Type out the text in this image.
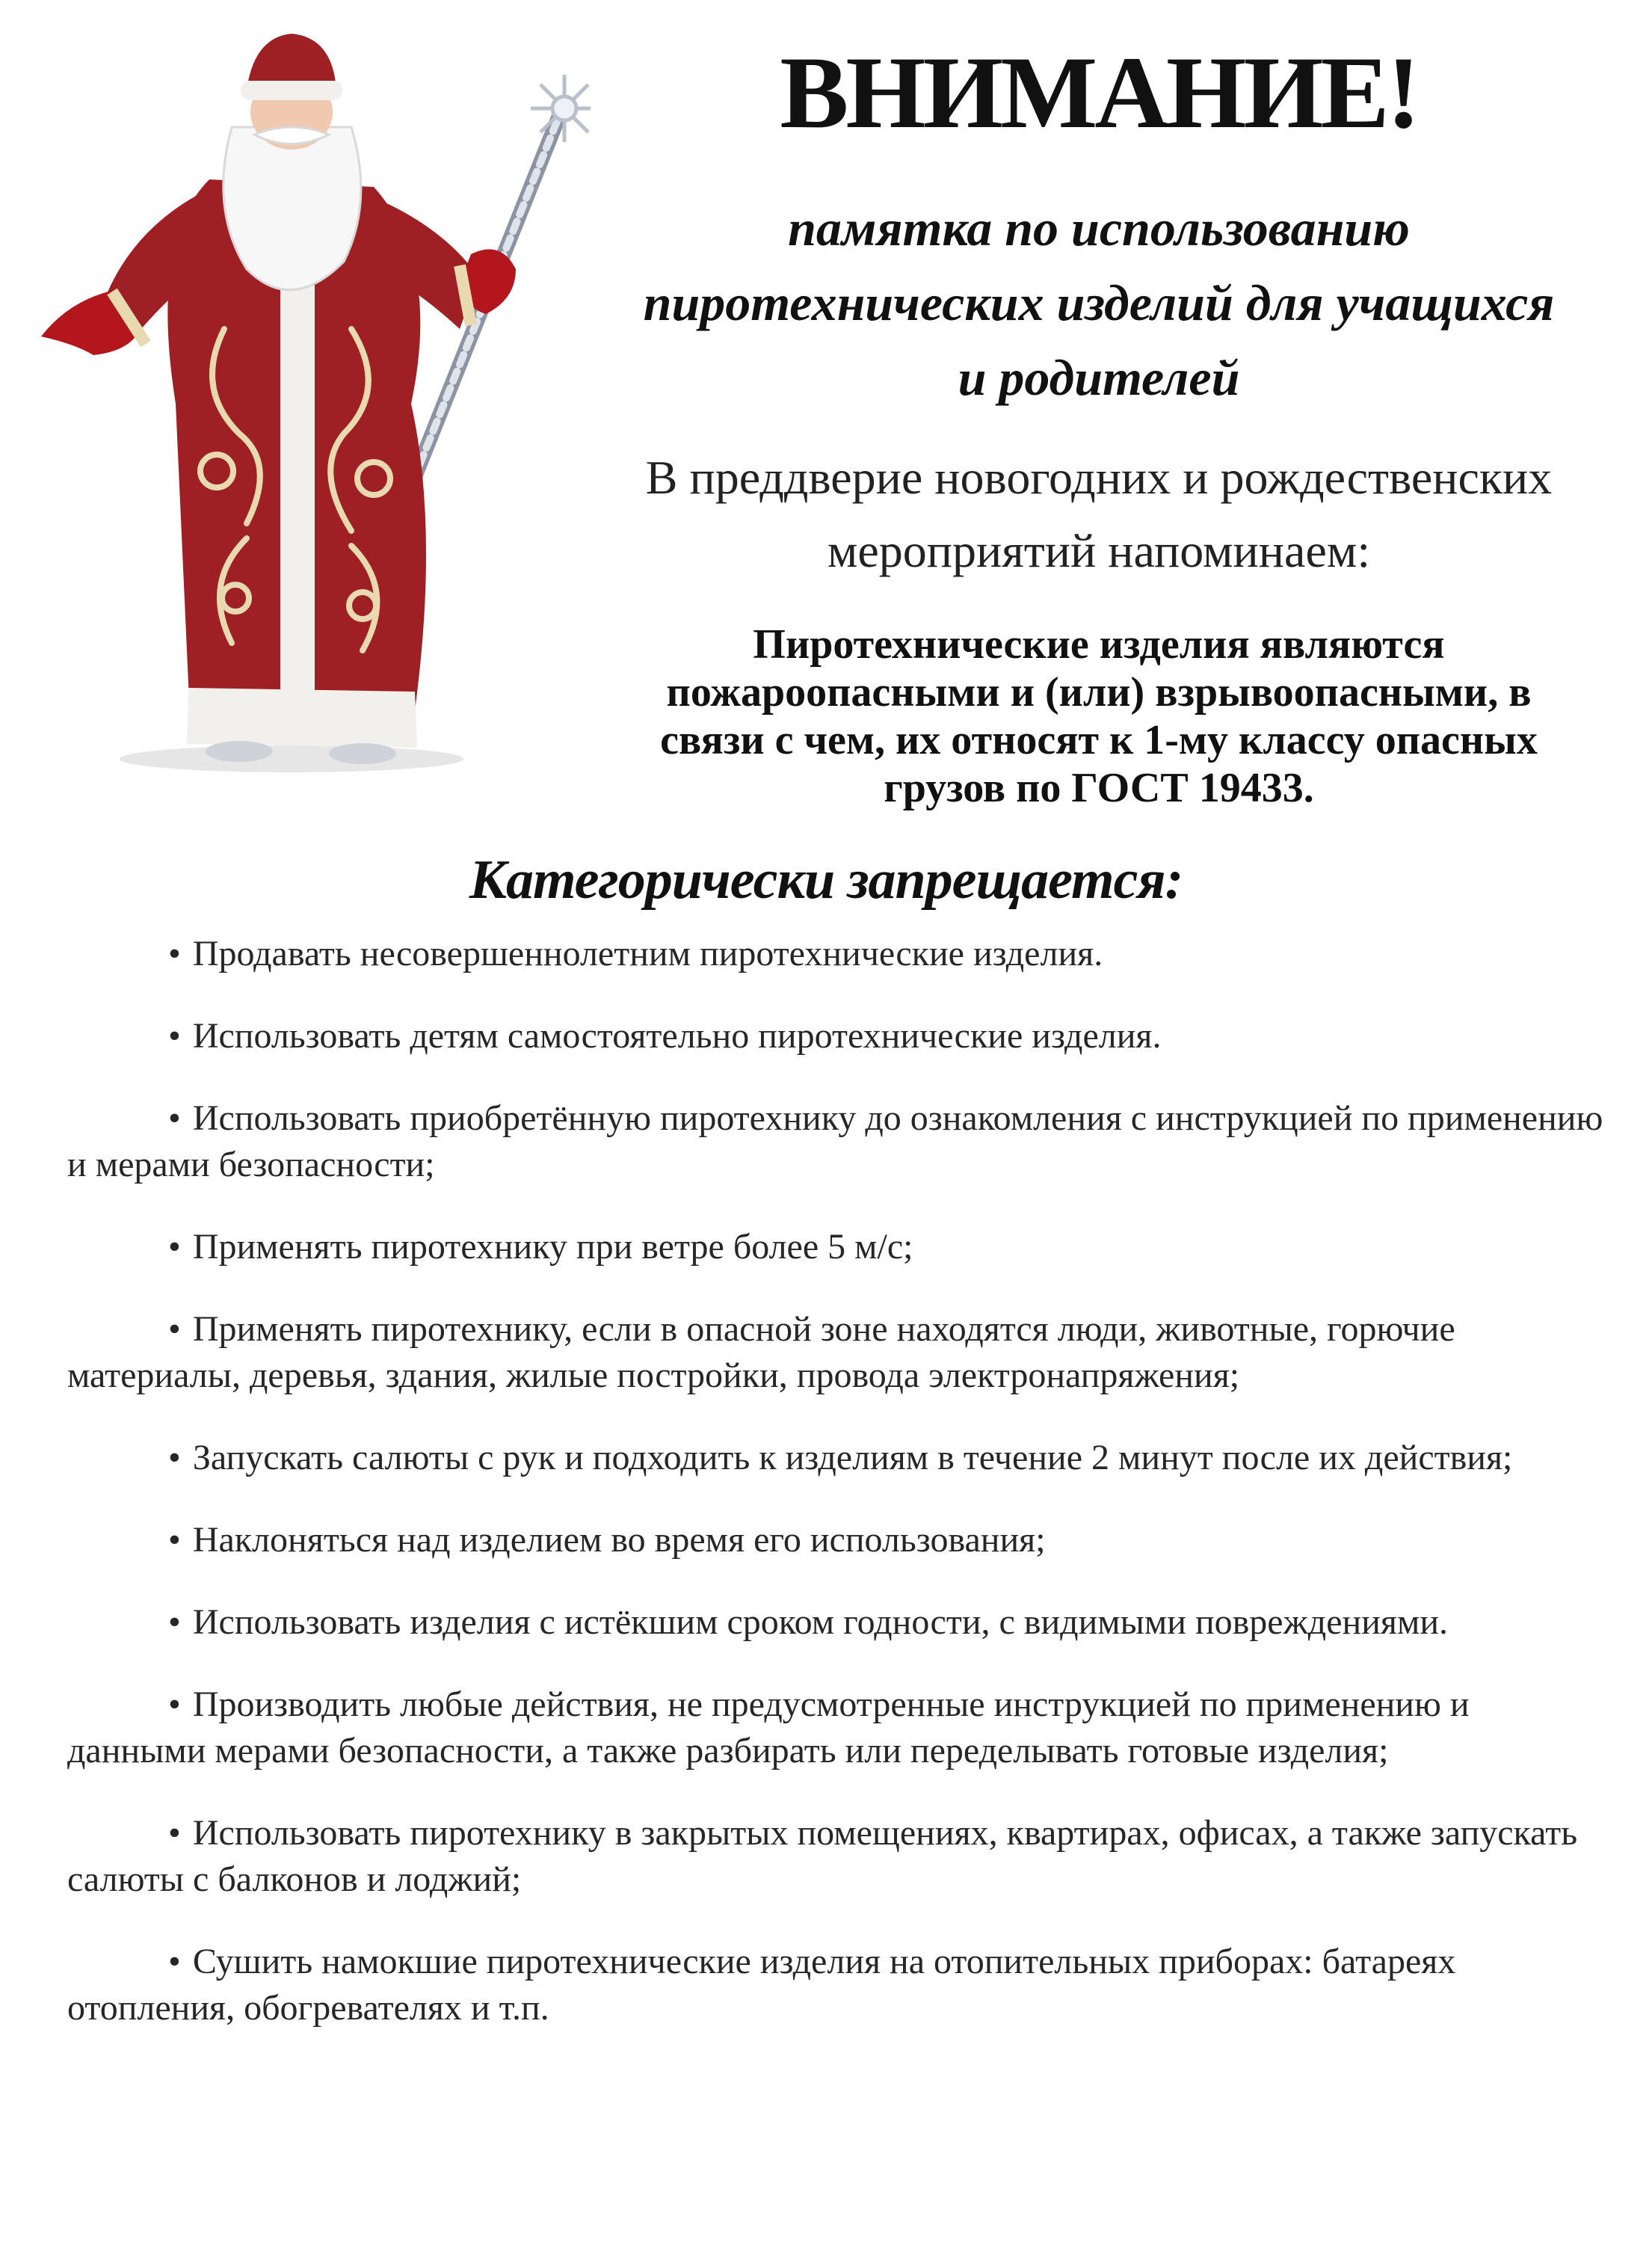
ВНИМАНИЕ!
памятка по использованию
пиротехнических изделий для учащихся
и родителей
В преддверие новогодних и рождественских
мероприятий напоминаем:
Пиротехнические изделия являются
пожароопасными и (или) взрывоопасными, в
связи с чем, их относят к 1-му классу опасных
грузов по ГОСТ 19433.
Категорически запрещается:
• Продавать несовершеннолетним пиротехнические изделия.
• Использовать детям самостоятельно пиротехнические изделия.
• Использовать приобретённую пиротехнику до ознакомления с инструкцией по применению и мерами безопасности;
• Применять пиротехнику при ветре более 5 м/с;
• Применять пиротехнику, если в опасной зоне находятся люди, животные, горючие материалы, деревья, здания, жилые постройки, провода электронапряжения;
• Запускать салюты с рук и подходить к изделиям в течение 2 минут после их действия;
• Наклоняться над изделием во время его использования;
• Использовать изделия с истёкшим сроком годности, с видимыми повреждениями.
• Производить любые действия, не предусмотренные инструкцией по применению и данными мерами безопасности, а также разбирать или переделывать готовые изделия;
• Использовать пиротехнику в закрытых помещениях, квартирах, офисах, а также запускать салюты с балконов и лоджий;
• Сушить намокшие пиротехнические изделия на отопительных приборах: батареях отопления, обогревателях и т.п.
